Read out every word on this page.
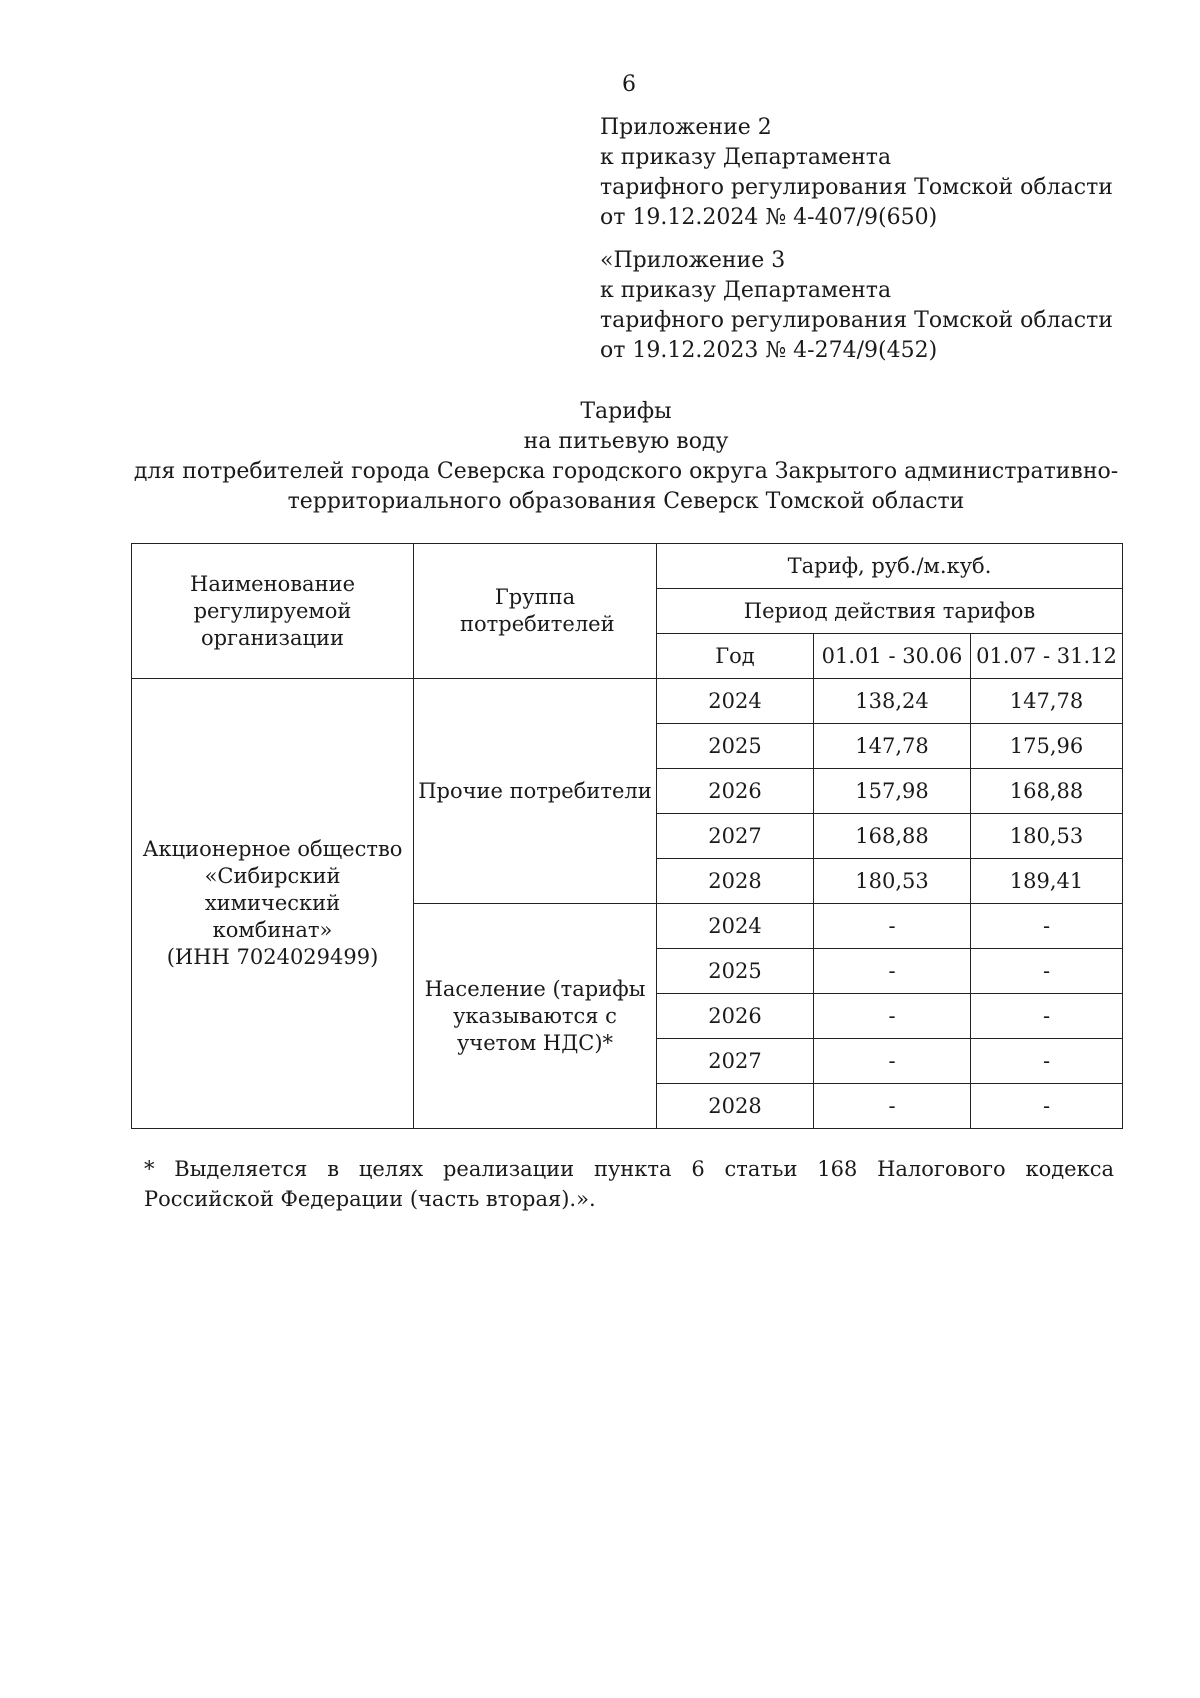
6
Приложение 2
к приказу Департамента
тарифного регулирования Томской области
от 19.12.2024 № 4-407/9(650)
«Приложение 3
к приказу Департамента
тарифного регулирования Томской области
от 19.12.2023 № 4-274/9(452)
Тарифы
на питьевую воду
для потребителей города Северска городского округа Закрытого административно-
территориального образования Северск Томской области
Наименование регулируемой организации	Группа потребителей	Тариф, руб./м.куб.		
		Период действия тарифов		
		Год	01.01 - 30.06	01.07 - 31.12

Акционерное общество
«Сибирский химический
комбинат»
(ИНН 7024029499)	Прочие потребители	2024	138,24	147,78
		2025	147,78	175,96
		2026	157,98	168,88
		2027	168,88	180,53
		2028	180,53	189,41

	Население (тарифы
указываются с
учетом НДС)*	2024	-	-
		2025	-	-
		2026	-	-
		2027	-	-
		2028	-	-
* Выделяется в целях реализации пункта 6 статьи 168 Налогового кодекса Российской Федерации (часть вторая).».
